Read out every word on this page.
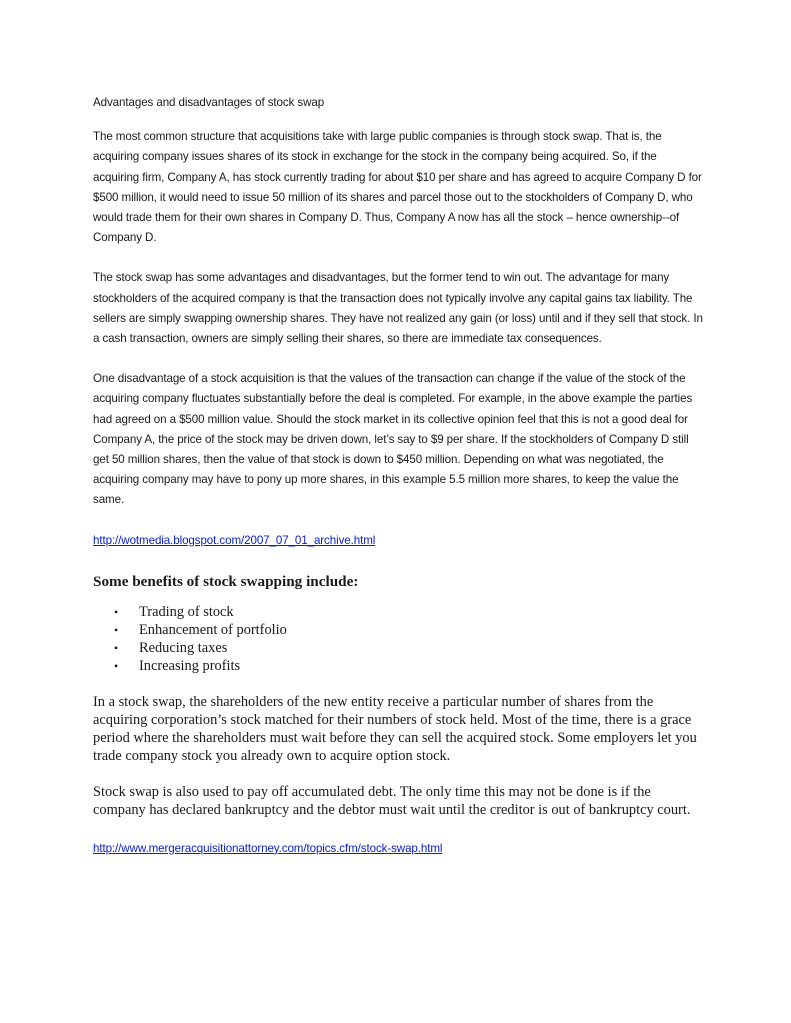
Advantages and disadvantages of stock swap

The most common structure that acquisitions take with large public companies is through stock swap. That is, the acquiring company issues shares of its stock in exchange for the stock in the company being acquired. So, if the acquiring firm, Company A, has stock currently trading for about $10 per share and has agreed to acquire Company D for $500 million, it would need to issue 50 million of its shares and parcel those out to the stockholders of Company D, who would trade them for their own shares in Company D. Thus, Company A now has all the stock – hence ownership--of Company D.

The stock swap has some advantages and disadvantages, but the former tend to win out. The advantage for many stockholders of the acquired company is that the transaction does not typically involve any capital gains tax liability. The sellers are simply swapping ownership shares. They have not realized any gain (or loss) until and if they sell that stock. In a cash transaction, owners are simply selling their shares, so there are immediate tax consequences.

One disadvantage of a stock acquisition is that the values of the transaction can change if the value of the stock of the acquiring company fluctuates substantially before the deal is completed. For example, in the above example the parties had agreed on a $500 million value. Should the stock market in its collective opinion feel that this is not a good deal for Company A, the price of the stock may be driven down, let’s say to $9 per share. If the stockholders of Company D still get 50 million shares, then the value of that stock is down to $450 million. Depending on what was negotiated, the acquiring company may have to pony up more shares, in this example 5.5 million more shares, to keep the value the same.

http://wotmedia.blogspot.com/2007_07_01_archive.html
Some benefits of stock swapping include:
• Trading of stock
• Enhancement of portfolio
• Reducing taxes
• Increasing profits

In a stock swap, the shareholders of the new entity receive a particular number of shares from the acquiring corporation’s stock matched for their numbers of stock held. Most of the time, there is a grace period where the shareholders must wait before they can sell the acquired stock. Some employers let you trade company stock you already own to acquire option stock.

Stock swap is also used to pay off accumulated debt. The only time this may not be done is if the company has declared bankruptcy and the debtor must wait until the creditor is out of bankruptcy court.

http://www.mergeracquisitionattorney.com/topics.cfm/stock-swap.html
